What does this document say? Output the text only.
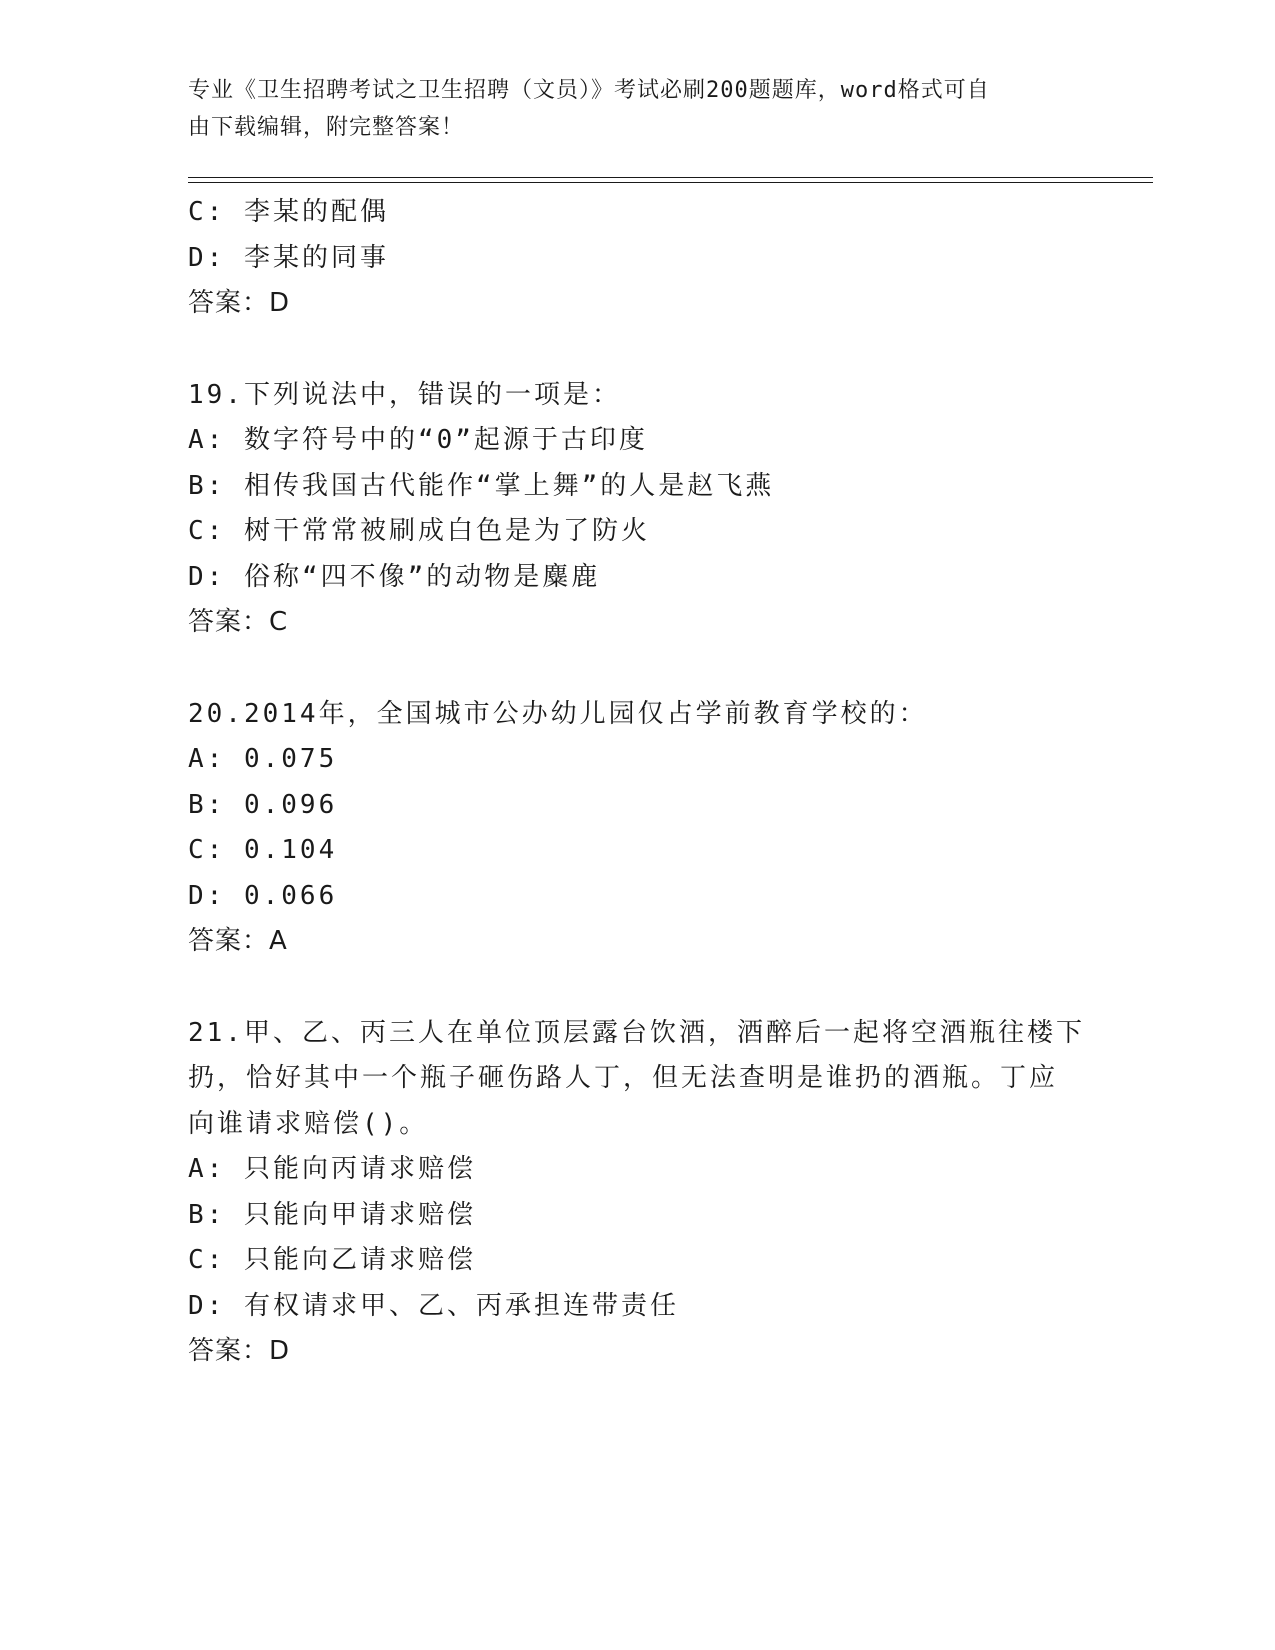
专业《卫生招聘考试之卫生招聘（文员）》考试必刷200题题库，word格式可自
由下载编辑，附完整答案！
C: 李某的配偶
D: 李某的同事
答案：D
19.下列说法中，错误的一项是：
A: 数字符号中的“0”起源于古印度
B: 相传我国古代能作“掌上舞”的人是赵飞燕
C: 树干常常被刷成白色是为了防火
D: 俗称“四不像”的动物是麋鹿
答案：C
20.2014年，全国城市公办幼儿园仅占学前教育学校的：
A: 0.075
B: 0.096
C: 0.104
D: 0.066
答案：A
21.甲、乙、丙三人在单位顶层露台饮酒，酒醉后一起将空酒瓶往楼下
扔，恰好其中一个瓶子砸伤路人丁，但无法查明是谁扔的酒瓶。丁应
向谁请求赔偿()。
A: 只能向丙请求赔偿
B: 只能向甲请求赔偿
C: 只能向乙请求赔偿
D: 有权请求甲、乙、丙承担连带责任
答案：D
